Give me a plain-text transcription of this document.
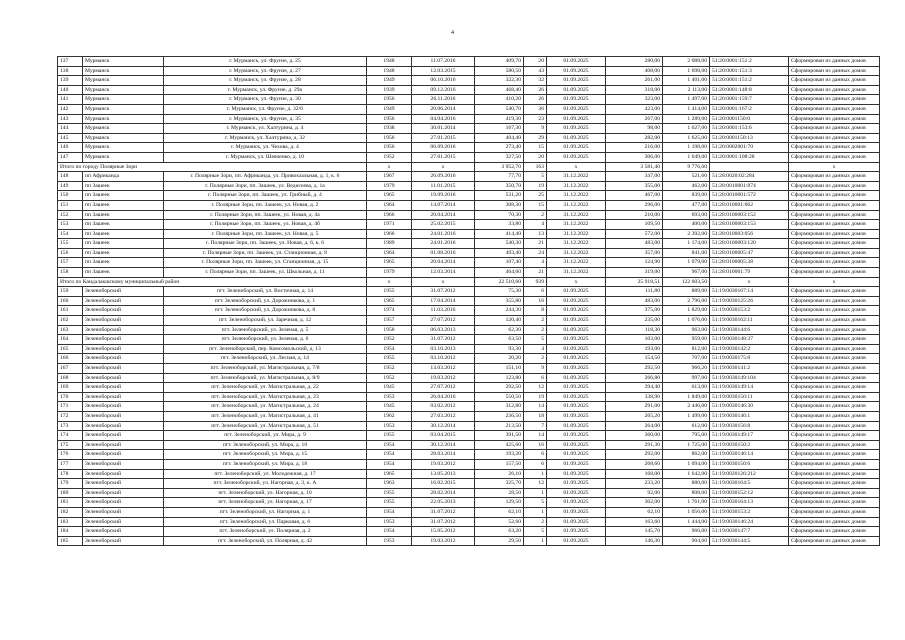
4
137	Мурманск	г. Мурманск, ул. Фрунзе, д. 25	1948	11.07.2016	409,70	20	01.09.2025	280,00	2 088,00	51:20:0001:151:2	Сформирован из данных домов
138	Мурманск	г. Мурманск, ул. Фрунзе, д. 27	1948	12.03.2015	580,50	43	01.09.2025	408,00	1 698,00	51:20:0001:151:3	Сформирован из данных домов
139	Мурманск	г. Мурманск, ул. Фрунзе, д. 28	1949	06.10.2016	322,30	32	01.09.2025	261,00	1 401,00	51:20:0001:151:2	Сформирован из данных домов
140	Мурманск	г. Мурманск, ул. Фрунзе, д. 29а	1939	09.12.2016	468,40	26	01.09.2025	318,00	2 113,00	51:20:0001:148:8	Сформирован из данных домов
141	Мурманск	г. Мурманск, ул. Фрунзе, д. 30	1956	26.11.2016	410,20	26	01.09.2025	323,00	1 497,00	51:20:0001:159:7	Сформирован из данных домов
142	Мурманск	г. Мурманск, ул. Фрунзе, д. 32/6	1949	20.06.2014	540,70	36	01.09.2025	423,00	1 414,00	51:20:0001:167:2	Сформирован из данных домов
143	Мурманск	г. Мурманск, ул. Фрунзе, д. 35	1956	04.04.2016	419,30	23	01.09.2025	267,00	1 289,00	51:20:0001150:0	Сформирован из данных домов
144	Мурманск	г. Мурманск, ул. Халтурина, д. 4	1938	30.01.2014	167,30	9	01.09.2025	98,00	1 627,00	51:20:0001:153:6	Сформирован из данных домов
145	Мурманск	г. Мурманск, ул. Халтурина, д. 32	1956	27.01.2015	404,40	29	01.09.2025	282,00	1 625,00	51:20:0001150:13	Сформирован из данных домов
146	Мурманск	г. Мурманск, ул. Чехова, д. 4	1956	06.09.2016	273,40	15	01.09.2025	216,00	1 198,00	51:20:0002001:70	Сформирован из данных домов
147	Мурманск	г. Мурманск, ул. Шевченко, д. 10	1952	27.01.2015	327,50	20	01.09.2025	306,00	1 649,00	51:20:0001:108:28	Сформирован из данных домов
Итого по городу Полярные Зори			x	x	3 952,70	163	x	3 581,40	9 776,60		x
148	пп Африканда	г. Полярные Зори, пп. Африканда, ул. Привокзальная, д. 1, к. 6	1967	26.09.2016	77,70	5	31.12.2022	347,00	521,60	51:28:0020:02:284	Сформирован из данных домов
149	пп Зашеек	г. Полярные Зори, пп. Зашеек, ул. Ведисеева, д. 1а	1979	11.01.2015	350,70	19	31.12.2022	355,00	462,00	51:28:0010001:874	Сформирован из данных домов
150	пп Зашеек	г. Полярные Зори, пп. Зашеек, ул. Грибный, д. 4	1965	19.09.2016	531,20	25	31.12.2022	467,00	839,00	51:28:0010001:572	Сформирован из данных домов
151	пп Зашеек	г. Полярные Зори, пп. Зашеек, ул. Новая, д. 2	1964	14.07.2014	308,30	15	31.12.2022	296,00	477,00	51:28:010001:062	Сформирован из данных домов
152	пп Зашеек	г. Полярные Зори, пп. Зашеек, ул. Новая, д. 4а	1966	20.04.2014	70,30	2	31.12.2022	210,00	693,00	51:28:0100003:152	Сформирован из данных домов
153	пп Зашеек	г. Полярные Зори, пп. Зашеек, ул. Новая, д. 4б	1971	25.02.2015	33,80	4	31.12.2022	109,50	400,00	51:28:0100003:153	Сформирован из данных домов
154	пп Зашеек	г. Полярные Зори, пп. Зашеек, ул. Новая, д. 5	1966	24.01.2016	414,40	13	31.12.2022	572,00	2 392,00	51:28:010003:056	Сформирован из данных домов
155	пп Зашеек	г. Полярные Зори, пп. Зашеек, ул. Новая, д. 6, к. 6	1989	24.01.2016	540,30	21	31.12.2022	483,00	1 174,00	51:28:0100003:120	Сформирован из данных домов
156	пп Зашеек	г. Полярные Зори, пп. Зашеек, ул. Станционная, д. 8	1964	01.08.2016	493,40	24	31.12.2022	357,00	841,00	51:28:0100005:47	Сформирован из данных домов
157	пп Зашеек	г. Полярные Зори, пп. Зашеек, ул. Станционная, д. 15	1965	20.04.2014	107,40	4	31.12.2022	124,90	1 079,00	51:28:0100005:38	Сформирован из данных домов
158	пп Зашеек	г. Полярные Зори, пп. Зашеек, ул. Школьная, д. 11	1979	12.03.2014	464,60	21	31.12.2022	319,00	967,00	51:28:010001:79	Сформирован из данных домов
Итого по Кандалакшскому муниципальный район			x	x	22 510,60	939	x	25 918,51	122 603,50	x	x
159	Зеленоборский	пгт. Зеленоборский, ул. Восточная, д. 14	1955	31.07.2012	75,30	6	01.09.2025	111,80	889,00	51:19:0030167:14	Сформирован из данных домов
160	Зеленоборский	пгт. Зеленоборский, ул. Дорожникова, д. 1	1965	17.04.2014	355,80	16	01.09.2025	483,00	2 796,00	51:19:0030125:26	Сформирован из данных домов
161	Зеленоборский	пгт. Зеленоборский, ул. Дорожникова, д. 8	1974	11.03.2016	244,30	8	01.09.2025	375,00	1 829,00	51:19:0030153:2	Сформирован из данных домов
162	Зеленоборский	пгт. Зеленоборский, ул. Заречная, д. 12	1957	27.07.2012	120,40	2	01.09.2025	235,00	1 076,00	51:19:0030162:11	Сформирован из данных домов
163	Зеленоборский	пгт. Зеленоборский, ул. Зеленая, д. 5	1958	06.03.2013	62,30	2	01.09.2025	118,30	963,00	51:19:0030144:6	Сформирован из данных домов
164	Зеленоборский	пгт. Зеленоборский, ул. Зеленая, д. 6	1952	31.07.2012	63,50	5	01.09.2025	103,00	959,00	51:19:0030148:37	Сформирован из данных домов
165	Зеленоборский	пгт. Зеленоборский, пер. Комсомольский, д. 13	1954	03.10.2013	93,30	4	01.09.2025	193,00	812,00	51:19:0030142:2	Сформирован из данных домов
166	Зеленоборский	пгт. Зеленоборский, ул. Лесная, д. 14	1955	03.10.2012	20,20	2	01.09.2025	154,50	707,00	51:19:0030175:8	Сформирован из данных домов
167	Зеленоборский	пгт. Зеленоборский, ул. Магистральная, д. 7/8	1952	13.03.2012	151,10	9	01.09.2025	292,50	966,20	51:19:0030141:2	Сформирован из данных домов
168	Зеленоборский	пгт. Зеленоборский, ул. Магистральная, д. 8/9	1952	19.03.2012	123,80	6	01.09.2025	266,80	997,00	51:19:0030149:104	Сформирован из данных домов
169	Зеленоборский	пгт. Зеленоборский, ул. Магистральная, д. 22	1945	27.07.2012	292,50	12	01.09.2025	394,40	613,00	51:19:0030149:14	Сформирован из данных домов
170	Зеленоборский	пгт. Зеленоборский, ул. Магистральная, д. 23	1953	26.04.2016	550,50	19	01.09.2025	338,90	1 849,00	51:19:0030150:11	Сформирован из данных домов
171	Зеленоборский	пгт. Зеленоборский, ул. Магистральная, д. 24	1945	03.02.2012	312,80	14	01.09.2025	291,00	2 446,00	51:19:0030146:30	Сформирован из данных домов
172	Зеленоборский	пгт. Зеленоборский, ул. Магистральная, д. 41	1962	27.03.2012	236,50	18	01.09.2025	265,20	1 499,00	51:19:0030146:1	Сформирован из данных домов
173	Зеленоборский	пгт. Зеленоборский, ул. Магистральная, д. 51	1953	30.12.2014	213,50	7	01.09.2025	264,00	612,00	51:19:0030156:8	Сформирован из данных домов
174	Зеленоборский	пгт. Зеленоборский, ул. Мира, д. 9	1955	03.04.2015	391,50	14	01.09.2025	360,00	795,00	51:19:0030149:17	Сформирован из данных домов
175	Зеленоборский	пгт. Зеленоборский, ул. Мира, д. 10	1954	30.12.2014	425,60	16	01.09.2025	291,30	1 725,00	51:19:0030150:2	Сформирован из данных домов
176	Зеленоборский	пгт. Зеленоборский, ул. Мира, д. 15	1954	28.03.2014	193,20	6	01.09.2025	292,00	862,00	51:19:0030146:14	Сформирован из данных домов
177	Зеленоборский	пгт. Зеленоборский, ул. Мира, д. 18	1954	19.03.2012	157,50	6	01.09.2025	268,60	1 094,00	51:19:0030150:6	Сформирован из данных домов
178	Зеленоборский	пгт. Зеленоборский, ул. Молодежная, д. 17	1965	13.05.2013	26,10	1	01.09.2025	168,00	1 642,00	51:19:0020126:212	Сформирован из данных домов
179	Зеленоборский	пгт. Зеленоборский, ул. Нагорная, д. 3, к. А	1963	16.02.2015	325,70	12	01.09.2025	233,20	880,00	51:19:0030164:5	Сформирован из данных домов
180	Зеленоборский	пгт. Зеленоборский, ул. Нагорная, д. 10	1955	28.02.2014	28,50	1	01.09.2025	92,00	808,00	51:19:0030152:12	Сформирован из данных домов
181	Зеленоборский	пгт. Зеленоборский, ул. Нагорная, д. 17	1955	22.05.2013	129,50	5	01.09.2025	302,00	1 761,00	51:19:0030164:13	Сформирован из данных домов
182	Зеленоборский	пгт. Зеленоборский, ул. Нагорная, д. 1	1954	31.07.2012	62,10	1	01.09.2025	62,10	1 056,00	51:19:0030153:2	Сформирован из данных домов
183	Зеленоборский	пгт. Зеленоборский, ул. Парковая, д. 6	1953	31.07.2012	52,60	2	01.09.2025	163,60	1 444,00	51:19:0030146:24	Сформирован из данных домов
184	Зеленоборский	пгт. Зеленоборский, ул. Полярная, д. 2	1954	15.05.2012	63,20	5	01.09.2025	145,70	966,00	51:19:0030147:7	Сформирован из данных домов
185	Зеленоборский	пгт. Зеленоборский, ул. Полярная, д. 42	1953	19.03.2012	29,50	1	01.09.2025	146,30	904,60	51:19:0030144:5	Сформирован из данных домов
